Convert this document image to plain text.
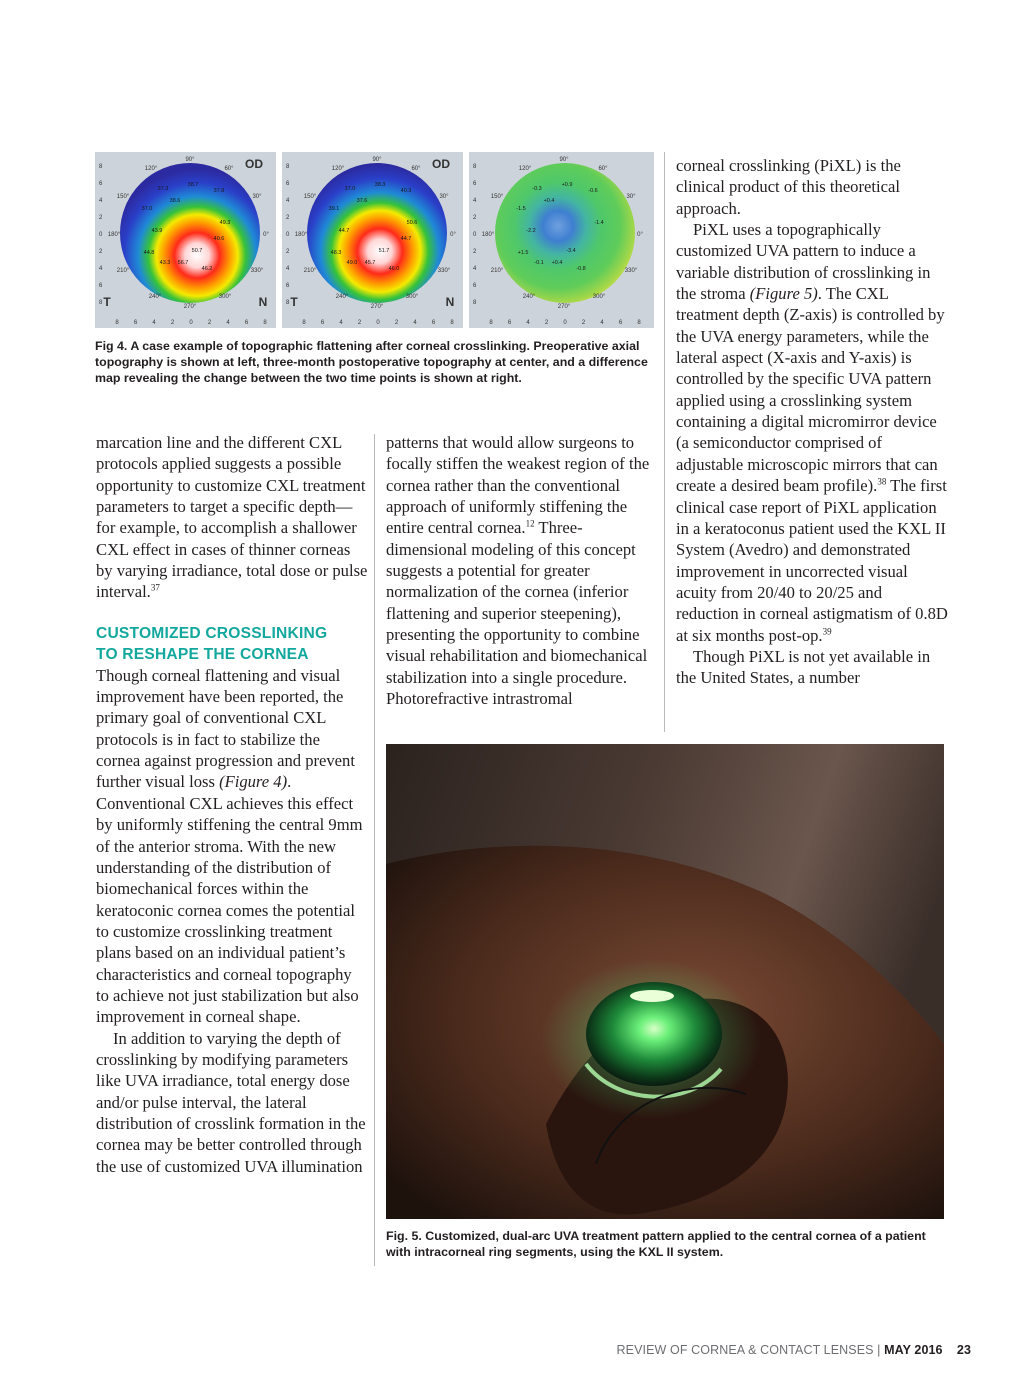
OD
90°
120°	60°
150°	30°
180°	0°
210°	330°
240°	300°
270°
T	N
37.3
38.7
37.8
37.0
38.6
43.9
50.7
49.3
56.7
43.3
44.8
46.2
40.6
8	6	4	2	0	2	4	6	8
8
6
4
2
0
2
4
6
8
OD
90°
120°	60°
150°	30°
180°	0°
210°	330°
240°	300°
270°
T	N
37.0
38.3
40.3
39.1
37.6
44.7
51.7
50.6
45.7
49.0
48.3
46.0
44.7
8	6	4	2	0	2	4	6	8
8
6
4
2
0
2
4
6
8
90°
120°	60°
150°	30°
180°	0°
210°	330°
240°	300°
270°
-0.3
+0.9
-0.6
-1.5
+0.4
-2.2
-3.4
-1.4
+0.4
-0.1
+1.5
-0.8
8	6	4	2	0	2	4	6	8
8
6
4
2
0
2
4
6
8
Fig 4. A case example of topographic flattening after corneal crosslinking. Preoperative axial topography is shown at left, three-month postoperative topography at center, and a difference map revealing the change between the two time points is shown at right.

marcation line and the different CXL protocols applied suggests a possible opportunity to customize CXL treatment parameters to target a specific depth—for example, to accomplish a shallower CXL effect in cases of thinner corneas by varying irradiance, total dose or pulse interval.$^{37}$

CUSTOMIZED CROSSLINKING
TO RESHAPE THE CORNEA

Though corneal flattening and visual improvement have been reported, the primary goal of conventional CXL protocols is in fact to stabilize the cornea against progression and prevent further visual loss (Figure 4). Conventional CXL achieves this effect by uniformly stiffening the central 9mm of the anterior stroma. With the new understanding of the distribution of biomechanical forces within the keratoconic cornea comes the potential to customize crosslinking treatment plans based on an individual patient’s characteristics and corneal topography to achieve not just stabilization but also improvement in corneal shape.

In addition to varying the depth of crosslinking by modifying parameters like UVA irradiance, total energy dose and/or pulse interval, the lateral distribution of crosslink formation in the cornea may be better controlled through the use of customized UVA illumination

patterns that would allow surgeons to focally stiffen the weakest region of the cornea rather than the conventional approach of uniformly stiffening the entire central cornea.$^{12}$ Three-dimensional modeling of this concept suggests a potential for greater normalization of the cornea (inferior flattening and superior steepening), presenting the opportunity to combine visual rehabilitation and biomechanical stabilization into a single procedure. Photorefractive intrastromal

corneal crosslinking (PiXL) is the clinical product of this theoretical approach.

PiXL uses a topographically customized UVA pattern to induce a variable distribution of crosslinking in the stroma (Figure 5). The CXL treatment depth (Z-axis) is controlled by the UVA energy parameters, while the lateral aspect (X-axis and Y-axis) is controlled by the specific UVA pattern applied using a crosslinking system containing a digital micromirror device (a semiconductor comprised of adjustable microscopic mirrors that can create a desired beam profile).$^{38}$ The first clinical case report of PiXL application in a keratoconus patient used the KXL II System (Avedro) and demonstrated improvement in uncorrected visual acuity from 20/40 to 20/25 and reduction in corneal astigmatism of 0.8D at six months post-op.$^{39}$

Though PiXL is not yet available in the United States, a number

Fig. 5. Customized, dual-arc UVA treatment pattern applied to the central cornea of a patient with intracorneal ring segments, using the KXL II system.
REVIEW OF CORNEA & CONTACT LENSES | MAY 2016 23
